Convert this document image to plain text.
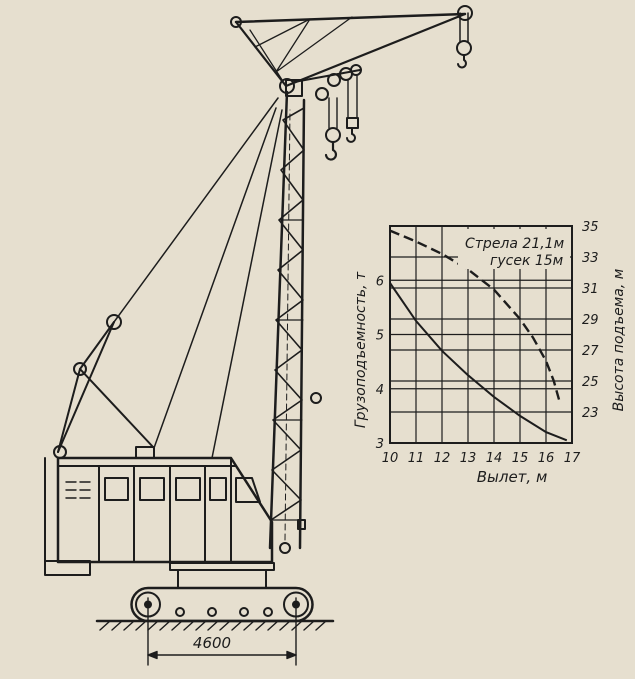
4600
10 11 12 13 14 15 16 17
3
4
5
6
23
25
27
29
31
33
35
Стрела 21,1м
гусек 15м
Вылет, м
Грузоподъемность, т	Высота подъема, м
